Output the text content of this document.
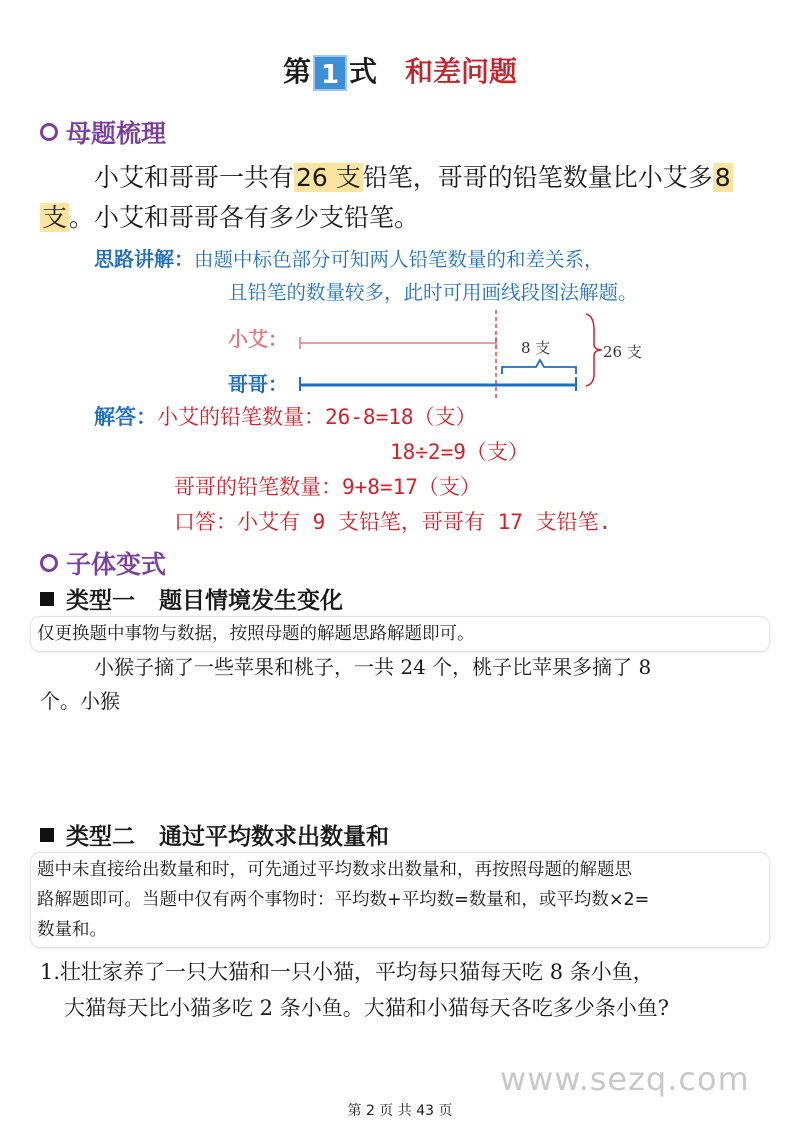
第 1 式 和差问题
母题梳理
小艾和哥哥一共有26 支铅笔，哥哥的铅笔数量比小艾多8
支。小艾和哥哥各有多少支铅笔。
思路讲解：由题中标色部分可知两人铅笔数量的和差关系，
且铅笔的数量较多，此时可用画线段图法解题。
小艾：
哥哥：
8 支	26 支
解答：小艾的铅笔数量：26-8=18（支）
18÷2=9（支）
哥哥的铅笔数量：9+8=17（支）
口答：小艾有 9 支铅笔，哥哥有 17 支铅笔.
子体变式
类型一 题目情境发生变化
仅更换题中事物与数据，按照母题的解题思路解题即可。
小猴子摘了一些苹果和桃子，一共 24 个，桃子比苹果多摘了 8
个。小猴
类型二 通过平均数求出数量和
题中未直接给出数量和时，可先通过平均数求出数量和，再按照母题的解题思
路解题即可。当题中仅有两个事物时：平均数+平均数=数量和，或平均数×2=
数量和。
1.壮壮家养了一只大猫和一只小猫，平均每只猫每天吃 8 条小鱼，
大猫每天比小猫多吃 2 条小鱼。大猫和小猫每天各吃多少条小鱼?
www.sezq.com
第 2 页 共 43 页
